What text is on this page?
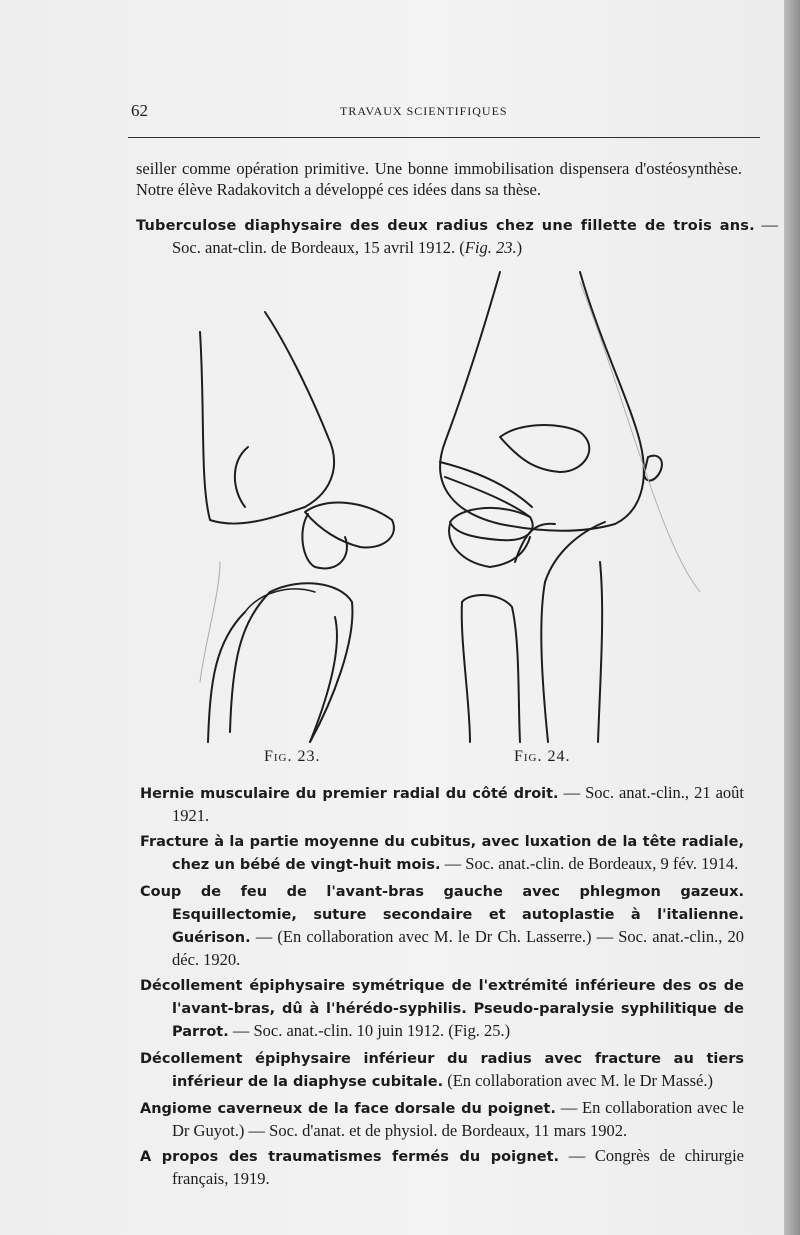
62	TRAVAUX SCIENTIFIQUES
seiller comme opération primitive. Une bonne immobilisation dispensera d'ostéosynthèse. Notre élève Radakovitch a développé ces idées dans sa thèse.
Tuberculose diaphysaire des deux radius chez une fillette de trois ans. — Soc. anat-clin. de Bordeaux, 15 avril 1912. (Fig. 23.)
Fig. 23.	Fig. 24.

Hernie musculaire du premier radial du côté droit. — Soc. anat.-clin., 21 août 1921.

Fracture à la partie moyenne du cubitus, avec luxation de la tête radiale, chez un bébé de vingt-huit mois. — Soc. anat.-clin. de Bordeaux, 9 fév. 1914.

Coup de feu de l'avant-bras gauche avec phlegmon gazeux. Esquillectomie, suture secondaire et autoplastie à l'italienne. Guérison. — (En collaboration avec M. le Dr Ch. Lasserre.) — Soc. anat.-clin., 20 déc. 1920.

Décollement épiphysaire symétrique de l'extrémité inférieure des os de l'avant-bras, dû à l'hérédo-syphilis. Pseudo-paralysie syphilitique de Parrot. — Soc. anat.-clin. 10 juin 1912. (Fig. 25.)

Décollement épiphysaire inférieur du radius avec fracture au tiers inférieur de la diaphyse cubitale. (En collaboration avec M. le Dr Massé.)

Angiome caverneux de la face dorsale du poignet. — En collaboration avec le Dr Guyot.) — Soc. d'anat. et de physiol. de Bordeaux, 11 mars 1902.

A propos des traumatismes fermés du poignet. — Congrès de chirurgie français, 1919.
